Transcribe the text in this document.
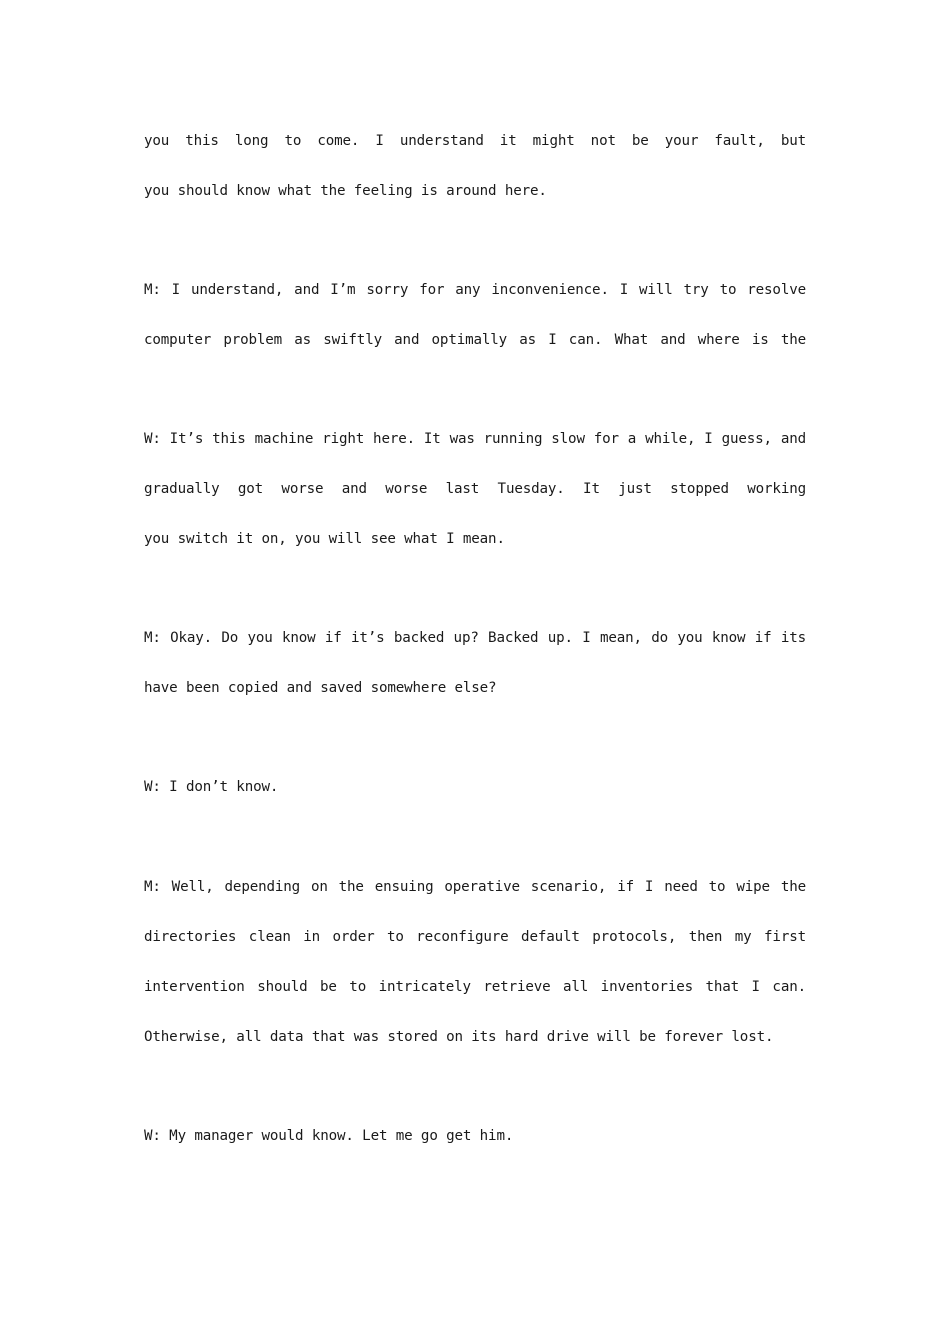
you this long to come. I understand it might not be your fault, but
you should know what the feeling is around here.
M: I understand, and I’m sorry for any inconvenience. I will try to resolve
computer problem as swiftly and optimally as I can. What and where is the
W: It’s this machine right here. It was running slow for a while, I guess, and
gradually got worse and worse last Tuesday. It just stopped working
you switch it on, you will see what I mean.
M: Okay. Do you know if it’s backed up? Backed up. I mean, do you know if its
have been copied and saved somewhere else?
W: I don’t know.
M: Well, depending on the ensuing operative scenario, if I need to wipe the
directories clean in order to reconfigure default protocols, then my first
intervention should be to intricately retrieve all inventories that I can.
Otherwise, all data that was stored on its hard drive will be forever lost.
W: My manager would know. Let me go get him.
